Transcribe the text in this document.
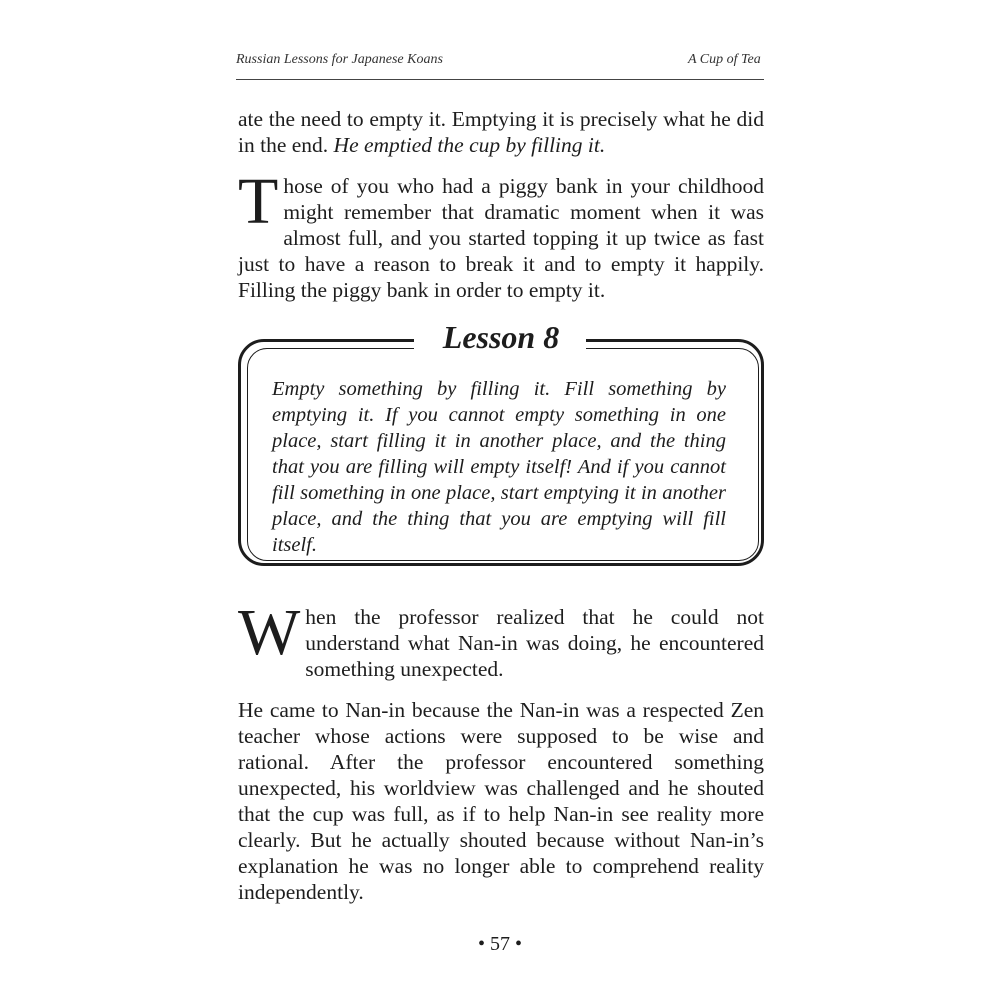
Russian Lessons for Japanese Koans	A Cup of Tea

ate the need to empty it. Emptying it is precisely what he did in the end. He emptied the cup by filling it.

Those of you who had a piggy bank in your childhood might remember that dramatic moment when it was almost full, and you started topping it up twice as fast just to have a reason to break it and to empty it happily. Filling the piggy bank in order to empty it.

Lesson 8

Empty something by filling it. Fill something by emptying it. If you cannot empty something in one place, start filling it in another place, and the thing that you are filling will empty itself! And if you cannot fill something in one place, start emptying it in another place, and the thing that you are emptying will fill itself.

When the professor realized that he could not understand what Nan-in was doing, he encountered something unexpected.

He came to Nan-in because the Nan-in was a respected Zen teacher whose actions were supposed to be wise and rational. After the professor encountered something unexpected, his worldview was challenged and he shouted that the cup was full, as if to help Nan-in see reality more clearly. But he actually shouted because without Nan-in’s explanation he was no longer able to comprehend reality independently.

• 57 •
